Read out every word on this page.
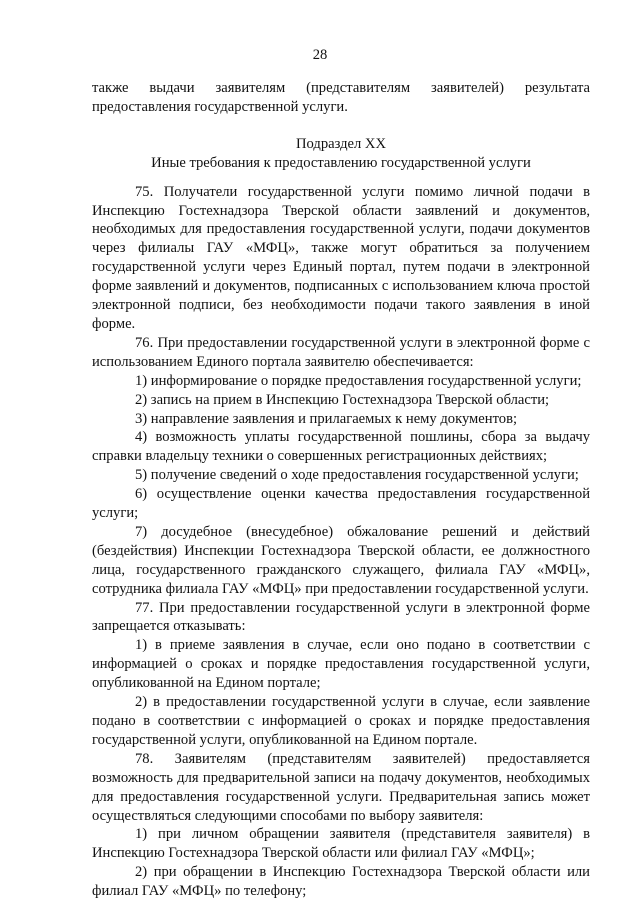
28

также выдачи заявителям (представителям заявителей) результата предоставления государственной услуги.

Подраздел XX

Иные требования к предоставлению государственной услуги

75. Получатели государственной услуги помимо личной подачи в Инспекцию Гостехнадзора Тверской области заявлений и документов, необходимых для предоставления государственной услуги, подачи документов через филиалы ГАУ «МФЦ», также могут обратиться за получением государственной услуги через Единый портал, путем подачи в электронной форме заявлений и документов, подписанных с использованием ключа простой электронной подписи, без необходимости подачи такого заявления в иной форме.

76. При предоставлении государственной услуги в электронной форме с использованием Единого портала заявителю обеспечивается:

1) информирование о порядке предоставления государственной услуги;

2) запись на прием в Инспекцию Гостехнадзора Тверской области;

3) направление заявления и прилагаемых к нему документов;

4) возможность уплаты государственной пошлины, сбора за выдачу справки владельцу техники о совершенных регистрационных действиях;

5) получение сведений о ходе предоставления государственной услуги;

6) осуществление оценки качества предоставления государственной услуги;

7) досудебное (внесудебное) обжалование решений и действий (бездействия) Инспекции Гостехнадзора Тверской области, ее должностного лица, государственного гражданского служащего, филиала ГАУ «МФЦ», сотрудника филиала ГАУ «МФЦ» при предоставлении государственной услуги.

77. При предоставлении государственной услуги в электронной форме запрещается отказывать:

1) в приеме заявления в случае, если оно подано в соответствии с информацией о сроках и порядке предоставления государственной услуги, опубликованной на Едином портале;

2) в предоставлении государственной услуги в случае, если заявление подано в соответствии с информацией о сроках и порядке предоставления государственной услуги, опубликованной на Едином портале.

78. Заявителям (представителям заявителей) предоставляется возможность для предварительной записи на подачу документов, необходимых для предоставления государственной услуги. Предварительная запись может осуществляться следующими способами по выбору заявителя:

1) при личном обращении заявителя (представителя заявителя) в Инспекцию Гостехнадзора Тверской области или филиал ГАУ «МФЦ»;

2) при обращении в Инспекцию Гостехнадзора Тверской области или филиал ГАУ «МФЦ» по телефону;
